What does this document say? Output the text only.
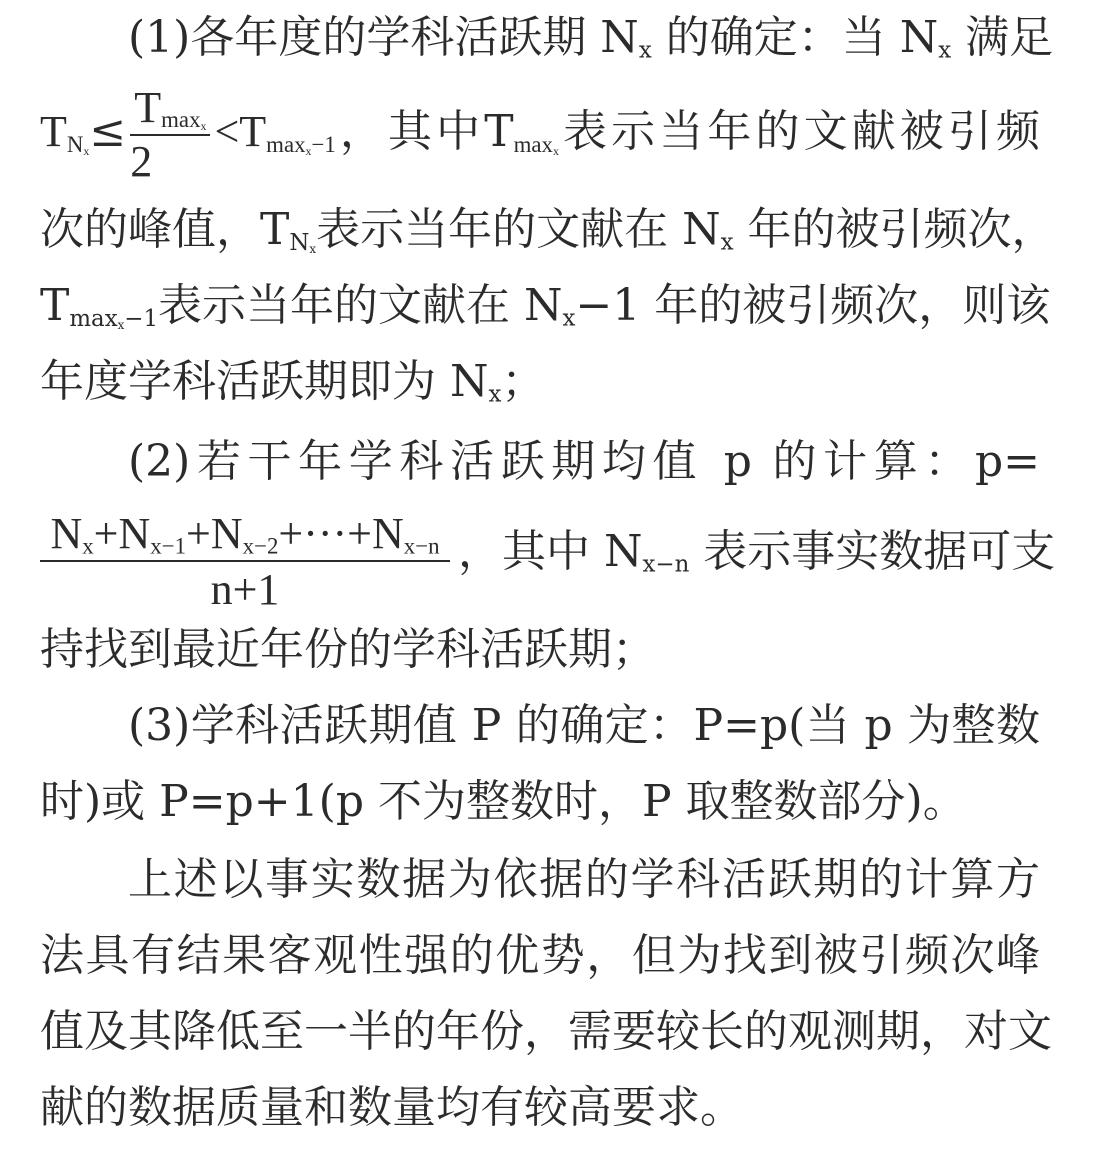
(1)各年度的学科活跃期 $N_x$ 的确定：当 $N_x$ 满足
$T_{N_x}\le \frac{T_{max_x}}{2} <T_{max_x-1}$，其中$T_{max_x}$表示当年的文献被引频
次的峰值，$T_{N_x}$表示当年的文献在 $N_x$ 年的被引频次，
$T_{max_x-1}$表示当年的文献在 $N_x-1$ 年的被引频次，则该
年度学科活跃期即为 $N_x$；
(2)若干年学科活跃期均值 p 的计算：p=
$\frac{N_x+N_{x-1}+N_{x-2}+\cdot\cdot\cdot+N_{x-n}}{n+1}$ ，其中 $N_{x-n}$ 表示事实数据可支
持找到最近年份的学科活跃期；
(3)学科活跃期值 P 的确定：P=p(当 p 为整数
时)或 P=p+1(p 不为整数时，P 取整数部分)。
上述以事实数据为依据的学科活跃期的计算方
法具有结果客观性强的优势，但为找到被引频次峰
值及其降低至一半的年份，需要较长的观测期，对文
献的数据质量和数量均有较高要求。
